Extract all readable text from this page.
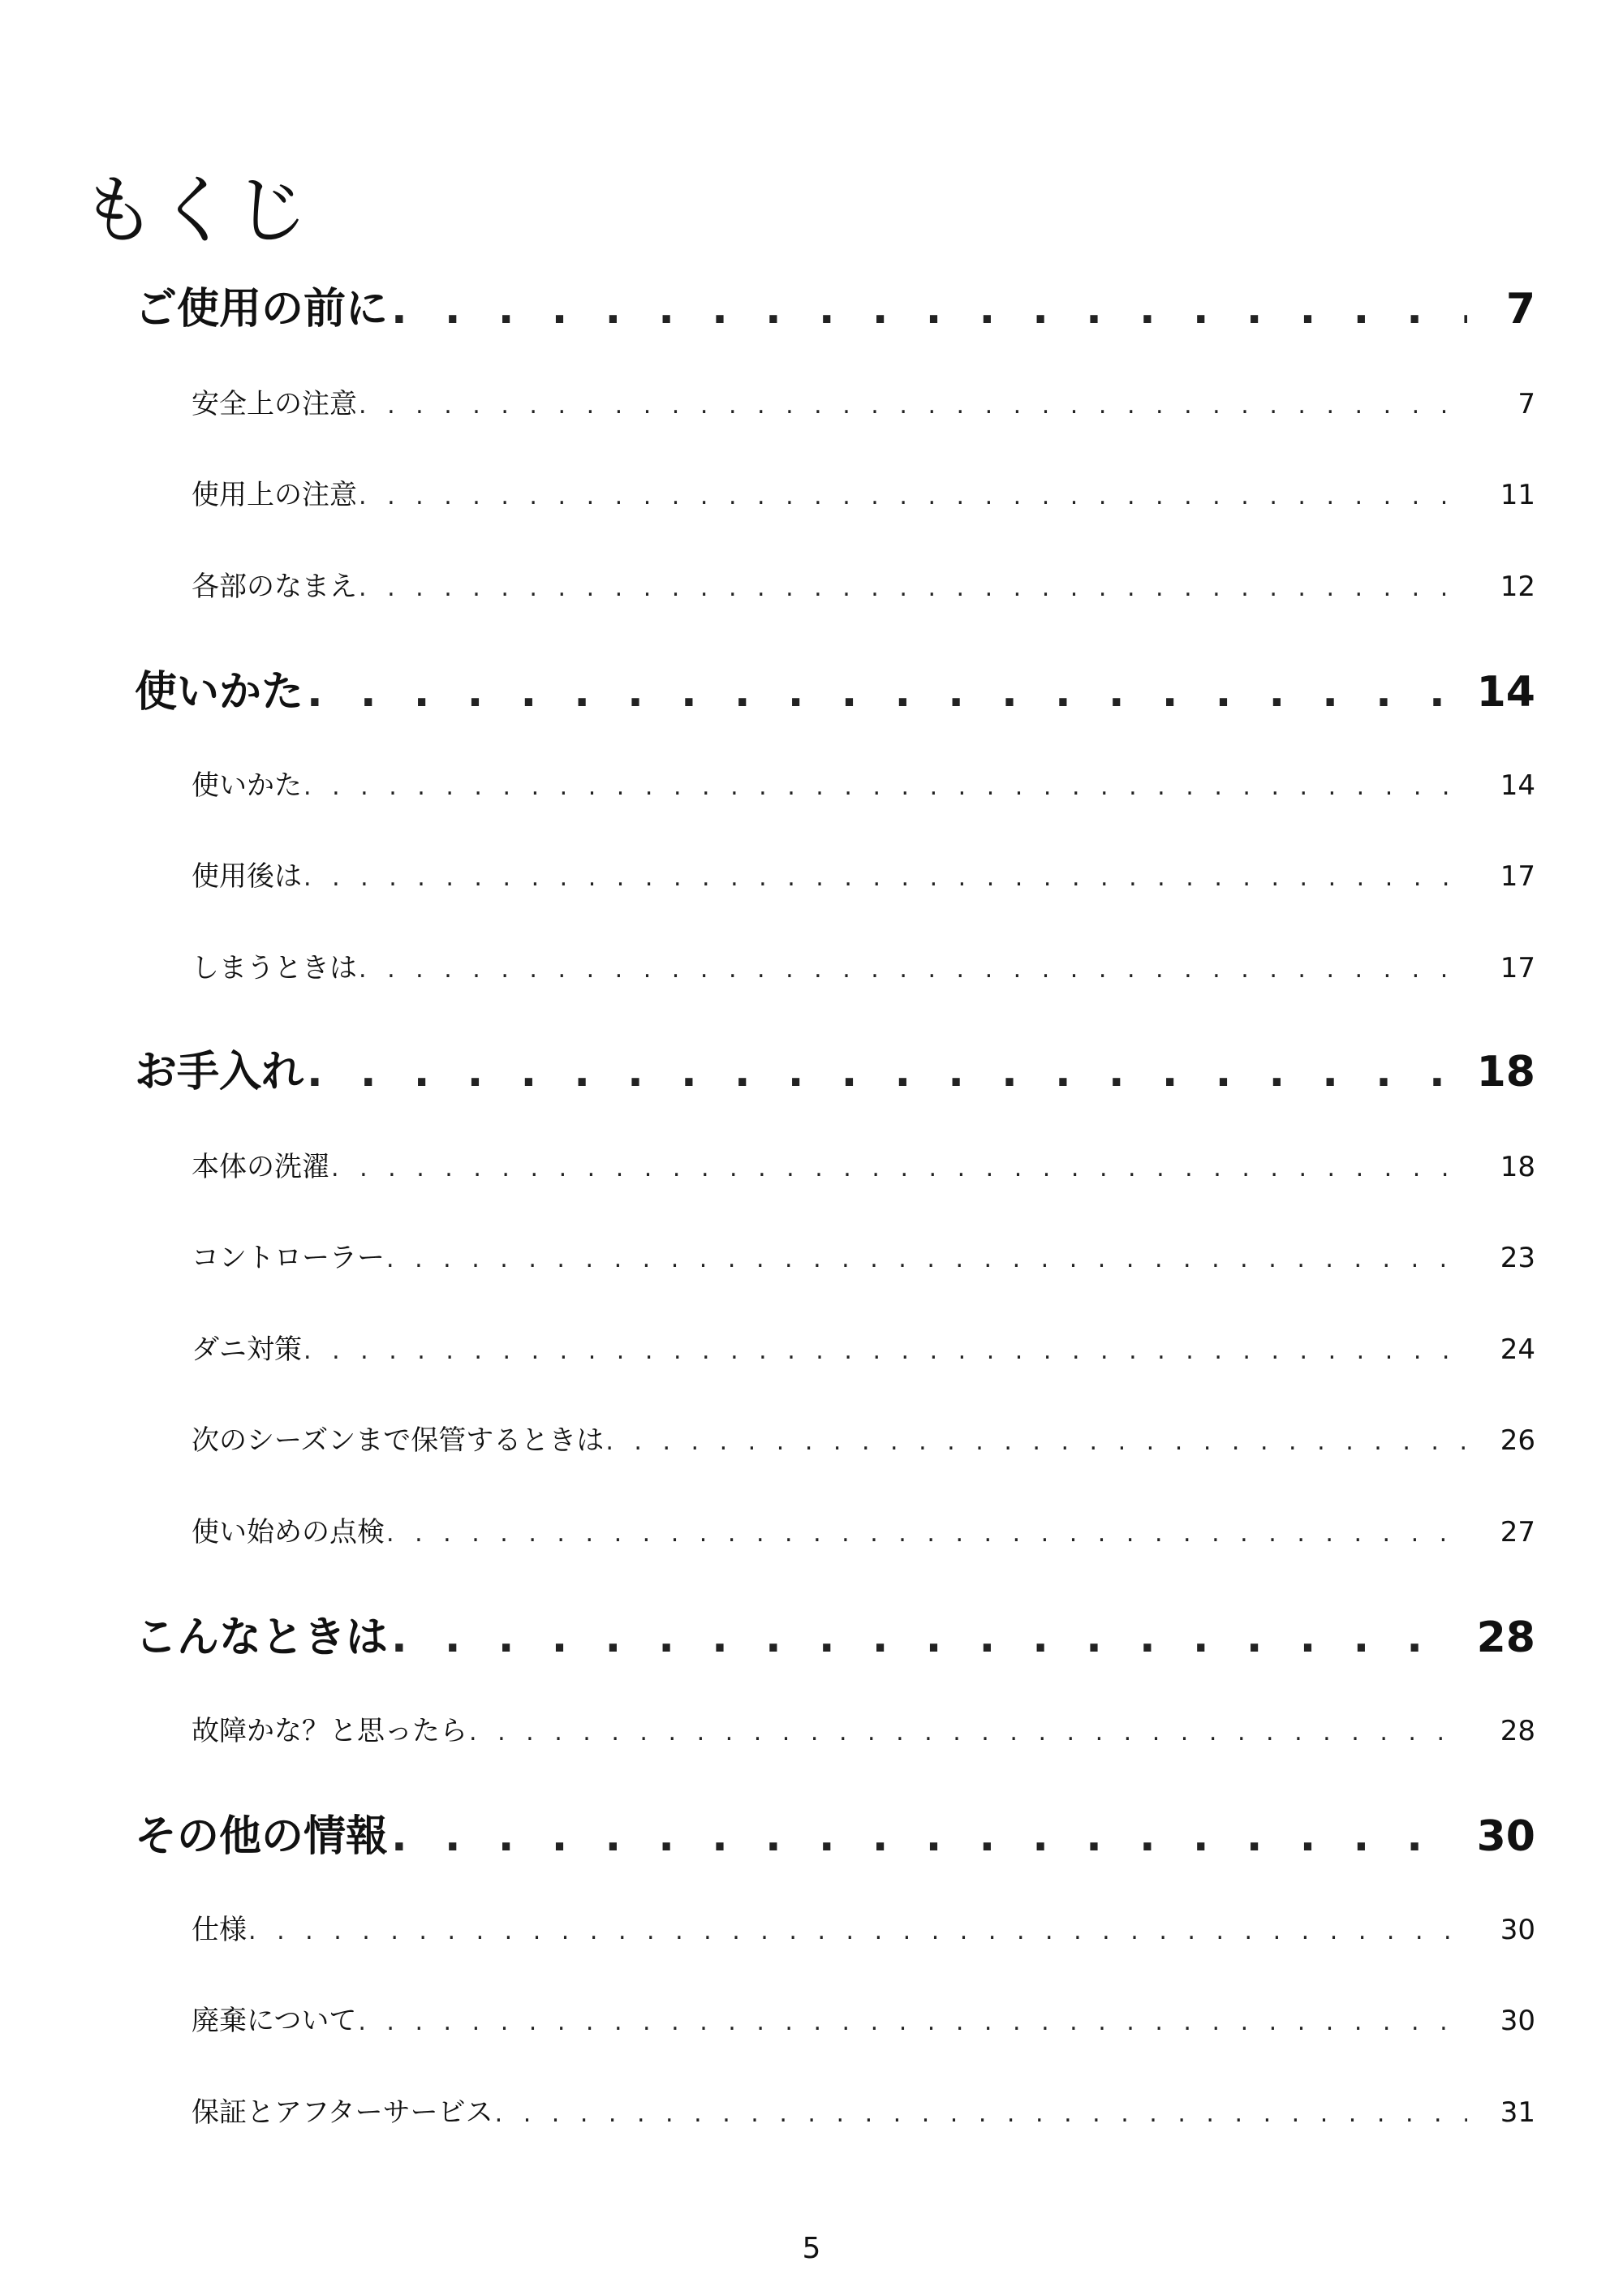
もくじ
ご使用の前に . . .	7
安全上の注意 . . .	7
使用上の注意 . . .	11
各部のなまえ . . .	12
使いかた . . .	14
使いかた . . .	14
使用後は . . .	17
しまうときは . . .	17
お手入れ . . .	18
本体の洗濯 . . .	18
コントローラー . . .	23
ダニ対策 . . .	24
次のシーズンまで保管するときは . . .	26
使い始めの点検 . . .	27
こんなときは . . .	28
故障かな？と思ったら . . .	28
その他の情報 . . .	30
仕様 . . .	30
廃棄について . . .	30
保証とアフターサービス . . .	31
5
